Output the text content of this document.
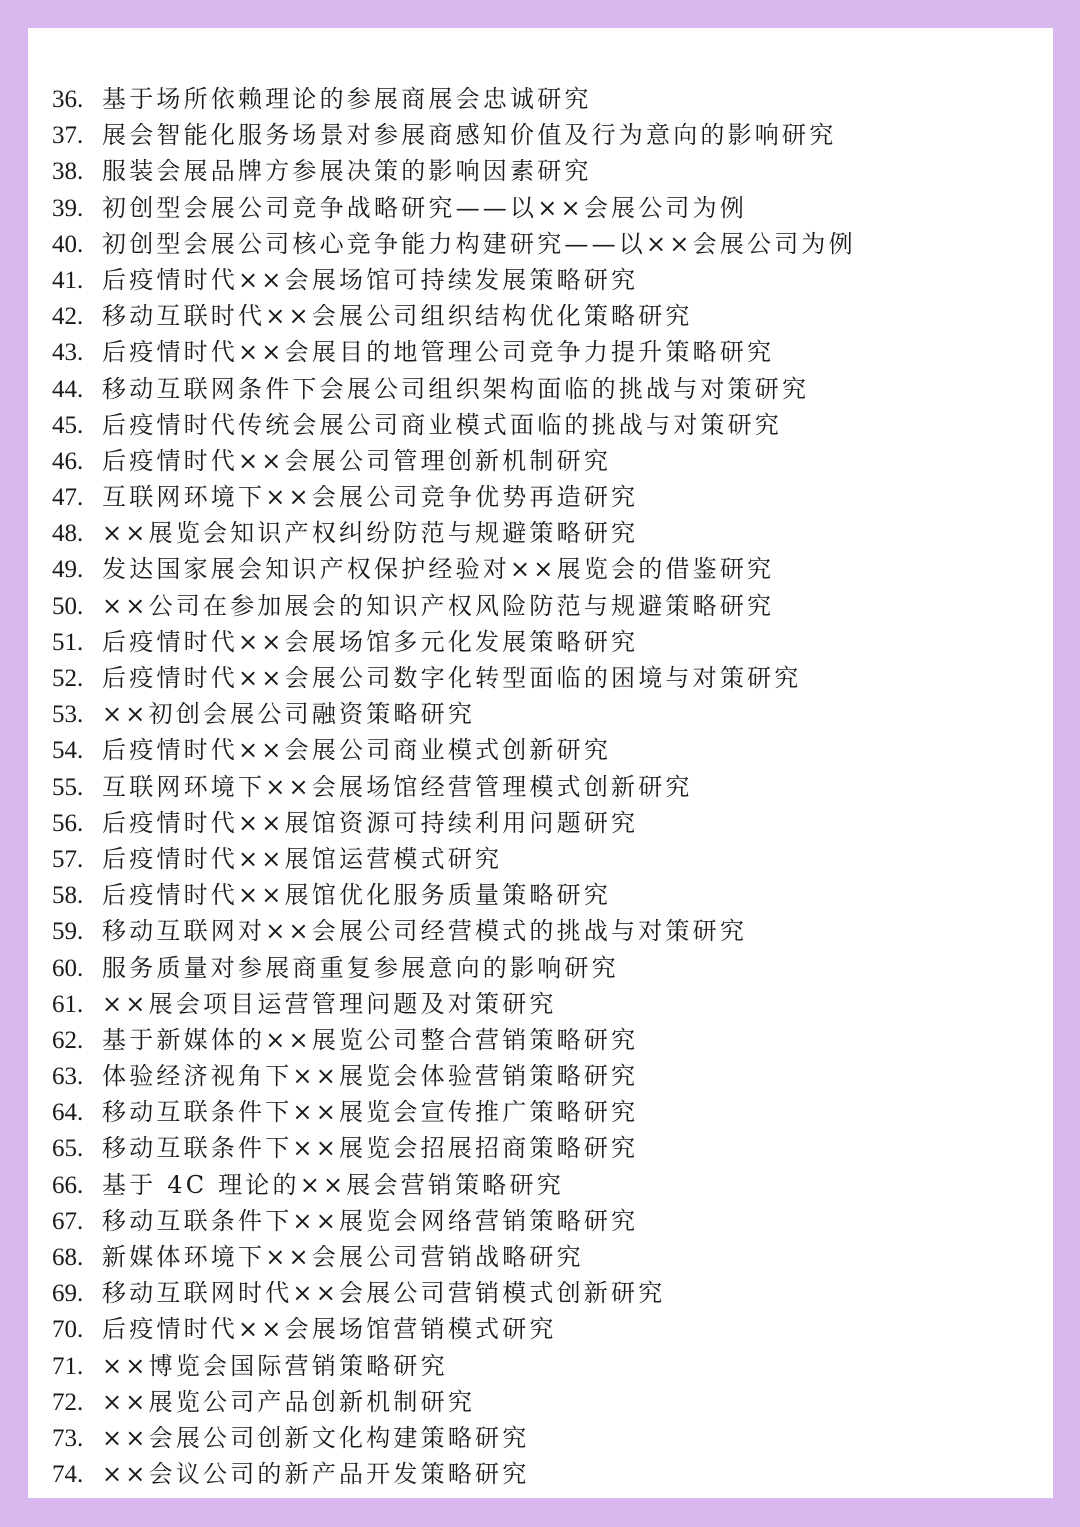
36. 基于场所依赖理论的参展商展会忠诚研究
37. 展会智能化服务场景对参展商感知价值及行为意向的影响研究
38. 服装会展品牌方参展决策的影响因素研究
39. 初创型会展公司竞争战略研究——以××会展公司为例
40. 初创型会展公司核心竞争能力构建研究——以××会展公司为例
41. 后疫情时代××会展场馆可持续发展策略研究
42. 移动互联时代××会展公司组织结构优化策略研究
43. 后疫情时代××会展目的地管理公司竞争力提升策略研究
44. 移动互联网条件下会展公司组织架构面临的挑战与对策研究
45. 后疫情时代传统会展公司商业模式面临的挑战与对策研究
46. 后疫情时代××会展公司管理创新机制研究
47. 互联网环境下××会展公司竞争优势再造研究
48. ××展览会知识产权纠纷防范与规避策略研究
49. 发达国家展会知识产权保护经验对××展览会的借鉴研究
50. ××公司在参加展会的知识产权风险防范与规避策略研究
51. 后疫情时代××会展场馆多元化发展策略研究
52. 后疫情时代××会展公司数字化转型面临的困境与对策研究
53. ××初创会展公司融资策略研究
54. 后疫情时代××会展公司商业模式创新研究
55. 互联网环境下××会展场馆经营管理模式创新研究
56. 后疫情时代××展馆资源可持续利用问题研究
57. 后疫情时代××展馆运营模式研究
58. 后疫情时代××展馆优化服务质量策略研究
59. 移动互联网对××会展公司经营模式的挑战与对策研究
60. 服务质量对参展商重复参展意向的影响研究
61. ××展会项目运营管理问题及对策研究
62. 基于新媒体的××展览公司整合营销策略研究
63. 体验经济视角下××展览会体验营销策略研究
64. 移动互联条件下××展览会宣传推广策略研究
65. 移动互联条件下××展览会招展招商策略研究
66. 基于 4C 理论的××展会营销策略研究
67. 移动互联条件下××展览会网络营销策略研究
68. 新媒体环境下××会展公司营销战略研究
69. 移动互联网时代××会展公司营销模式创新研究
70. 后疫情时代××会展场馆营销模式研究
71. ××博览会国际营销策略研究
72. ××展览公司产品创新机制研究
73. ××会展公司创新文化构建策略研究
74. ××会议公司的新产品开发策略研究
